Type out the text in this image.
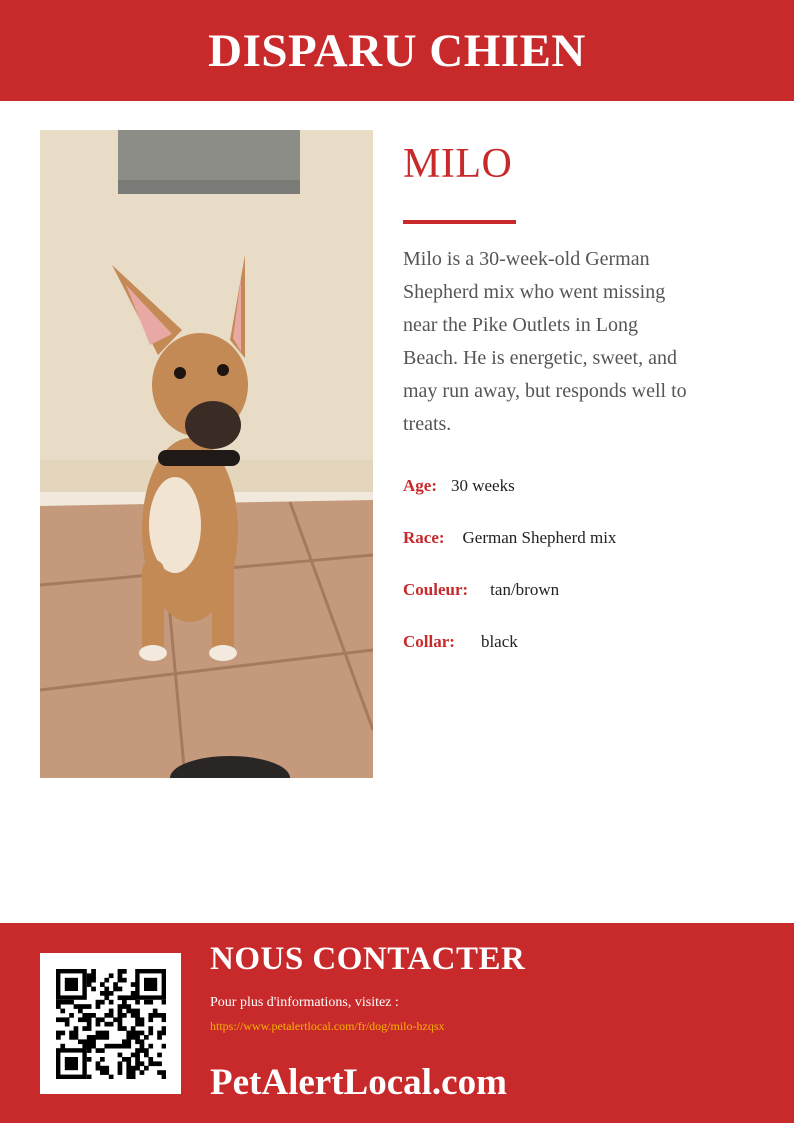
DISPARU CHIEN
MILO

Milo is a 30-week-old German Shepherd mix who went missing near the Pike Outlets in Long Beach. He is energetic, sweet, and may run away, but responds well to treats.

Age: 30 weeks
Race: German Shepherd mix
Couleur: tan/brown
Collar: black
NOUS CONTACTER
Pour plus d'informations, visitez :
https://www.petalertlocal.com/fr/dog/milo-hzqsx
PetAlertLocal.com
